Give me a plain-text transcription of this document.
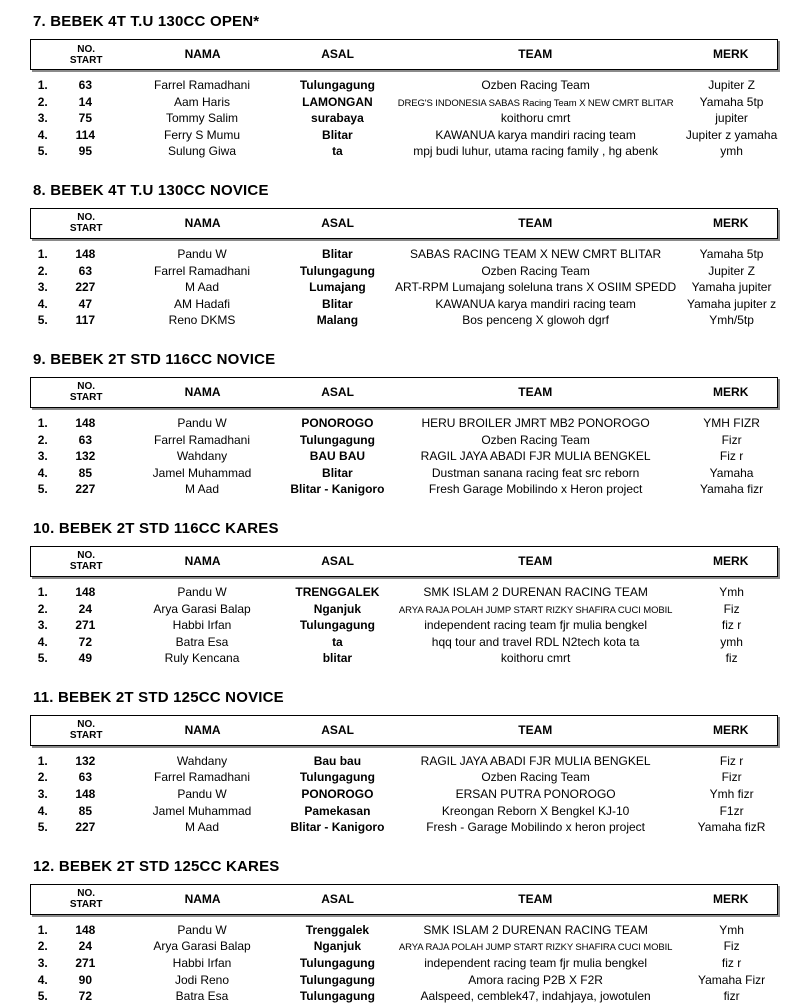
7. BEBEK 4T T.U 130CC OPEN*
NO.
START	NAMA	ASAL	TEAM	MERK
1.	63	Farrel Ramadhani	Tulungagung	Ozben Racing Team	Jupiter Z
2.	14	Aam Haris	LAMONGAN	DREG'S INDONESIA SABAS Racing Team X NEW CMRT BLITAR	Yamaha 5tp
3.	75	Tommy Salim	surabaya	koithoru cmrt	jupiter
4.	114	Ferry S Mumu	Blitar	KAWANUA karya mandiri racing team	Jupiter z yamaha
5.	95	Sulung Giwa	ta	mpj budi luhur, utama racing family , hg abenk	ymh
8. BEBEK 4T T.U 130CC NOVICE
NO.
START	NAMA	ASAL	TEAM	MERK
1.	148	Pandu W	Blitar	SABAS RACING TEAM X NEW CMRT BLITAR	Yamaha 5tp
2.	63	Farrel Ramadhani	Tulungagung	Ozben Racing Team	Jupiter Z
3.	227	M Aad	Lumajang	ART-RPM Lumajang soleluna trans X OSIIM SPEDD	Yamaha jupiter
4.	47	AM Hadafi	Blitar	KAWANUA karya mandiri racing team	Yamaha jupiter z
5.	117	Reno DKMS	Malang	Bos penceng X glowoh dgrf	Ymh/5tp
9. BEBEK 2T STD 116CC NOVICE
NO.
START	NAMA	ASAL	TEAM	MERK
1.	148	Pandu W	PONOROGO	HERU BROILER JMRT MB2 PONOROGO	YMH FIZR
2.	63	Farrel Ramadhani	Tulungagung	Ozben Racing Team	Fizr
3.	132	Wahdany	BAU BAU	RAGIL JAYA ABADI FJR MULIA BENGKEL	Fiz r
4.	85	Jamel Muhammad	Blitar	Dustman sanana racing feat src reborn	Yamaha
5.	227	M Aad	Blitar - Kanigoro	Fresh Garage Mobilindo x Heron project	Yamaha fizr
10. BEBEK 2T STD 116CC KARES
NO.
START	NAMA	ASAL	TEAM	MERK
1.	148	Pandu W	TRENGGALEK	SMK ISLAM 2 DURENAN RACING TEAM	Ymh
2.	24	Arya Garasi Balap	Nganjuk	ARYA RAJA POLAH JUMP START RIZKY SHAFIRA CUCI MOBIL	Fiz
3.	271	Habbi Irfan	Tulungagung	independent racing team fjr mulia bengkel	fiz r
4.	72	Batra Esa	ta	hqq tour and travel RDL N2tech kota ta	ymh
5.	49	Ruly Kencana	blitar	koithoru cmrt	fiz
11. BEBEK 2T STD 125CC NOVICE
NO.
START	NAMA	ASAL	TEAM	MERK
1.	132	Wahdany	Bau bau	RAGIL JAYA ABADI FJR MULIA BENGKEL	Fiz r
2.	63	Farrel Ramadhani	Tulungagung	Ozben Racing Team	Fizr
3.	148	Pandu W	PONOROGO	ERSAN PUTRA PONOROGO	Ymh fizr
4.	85	Jamel Muhammad	Pamekasan	Kreongan Reborn X Bengkel KJ-10	F1zr
5.	227	M Aad	Blitar - Kanigoro	Fresh - Garage Mobilindo x heron project	Yamaha fizR
12. BEBEK 2T STD 125CC KARES
NO.
START	NAMA	ASAL	TEAM	MERK
1.	148	Pandu W	Trenggalek	SMK ISLAM 2 DURENAN RACING TEAM	Ymh
2.	24	Arya Garasi Balap	Nganjuk	ARYA RAJA POLAH JUMP START RIZKY SHAFIRA CUCI MOBIL	Fiz
3.	271	Habbi Irfan	Tulungagung	independent racing team fjr mulia bengkel	fiz r
4.	90	Jodi Reno	Tulungagung	Amora racing P2B X F2R	Yamaha Fizr
5.	72	Batra Esa	Tulungagung	Aalspeed, cemblek47, indahjaya, jowotulen	fizr
